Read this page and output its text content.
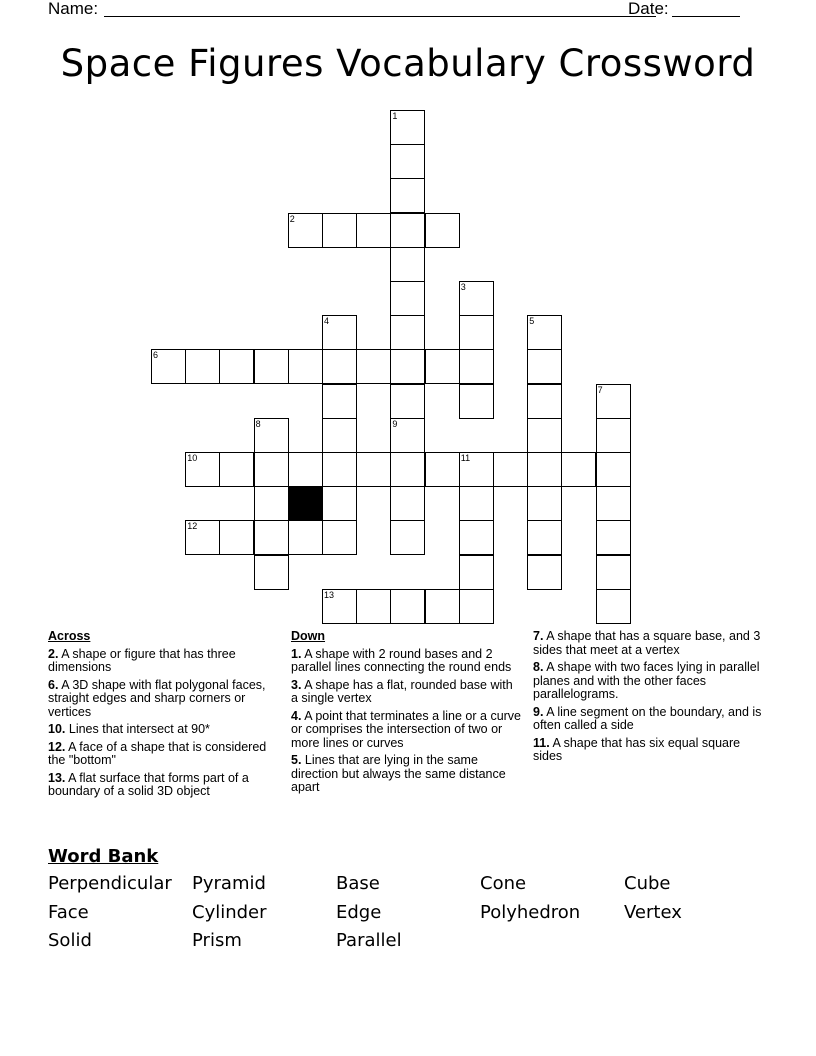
Name:	Date:
Space Figures Vocabulary Crossword
1
9
2
3
4	5
6
7
8
10	11
12
13
Across
2. A shape or figure that has three dimensions
6. A 3D shape with flat polygonal faces, straight edges and sharp corners or vertices
10. Lines that intersect at 90*
12. A face of a shape that is considered the "bottom"
13. A flat surface that forms part of a boundary of a solid 3D object
Down
1. A shape with 2 round bases and 2 parallel lines connecting the round ends
3. A shape has a flat, rounded base with a single vertex
4. A point that terminates a line or a curve or comprises the intersection of two or more lines or curves
5. Lines that are lying in the same direction but always the same distance apart
7. A shape that has a square base, and 3 sides that meet at a vertex
8. A shape with two faces lying in parallel planes and with the other faces parallelograms.
9. A line segment on the boundary, and is often called a side
11. A shape that has six equal square sides
Word Bank
Perpendicular Pyramid	Base	Cone	Cube
Face	Cylinder	Edge	Polyhedron Vertex
Solid	Prism	Parallel
